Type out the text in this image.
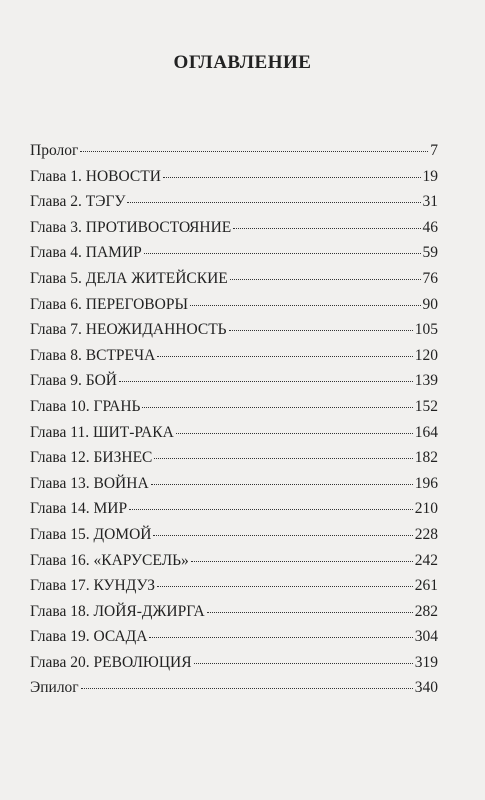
ОГЛАВЛЕНИЕ
Пролог	7
Глава 1. НОВОСТИ	19
Глава 2. ТЭГУ	31
Глава 3. ПРОТИВОСТОЯНИЕ	46
Глава 4. ПАМИР	59
Глава 5. ДЕЛА ЖИТЕЙСКИЕ	76
Глава 6. ПЕРЕГОВОРЫ	90
Глава 7. НЕОЖИДАННОСТЬ	105
Глава 8. ВСТРЕЧА	120
Глава 9. БОЙ	139
Глава 10. ГРАНЬ	152
Глава 11. ШИТ-РАКА	164
Глава 12. БИЗНЕС	182
Глава 13. ВОЙНА	196
Глава 14. МИР	210
Глава 15. ДОМОЙ	228
Глава 16. «КАРУСЕЛЬ»	242
Глава 17. КУНДУЗ	261
Глава 18. ЛОЙЯ-ДЖИРГА	282
Глава 19. ОСАДА	304
Глава 20. РЕВОЛЮЦИЯ	319
Эпилог	340
